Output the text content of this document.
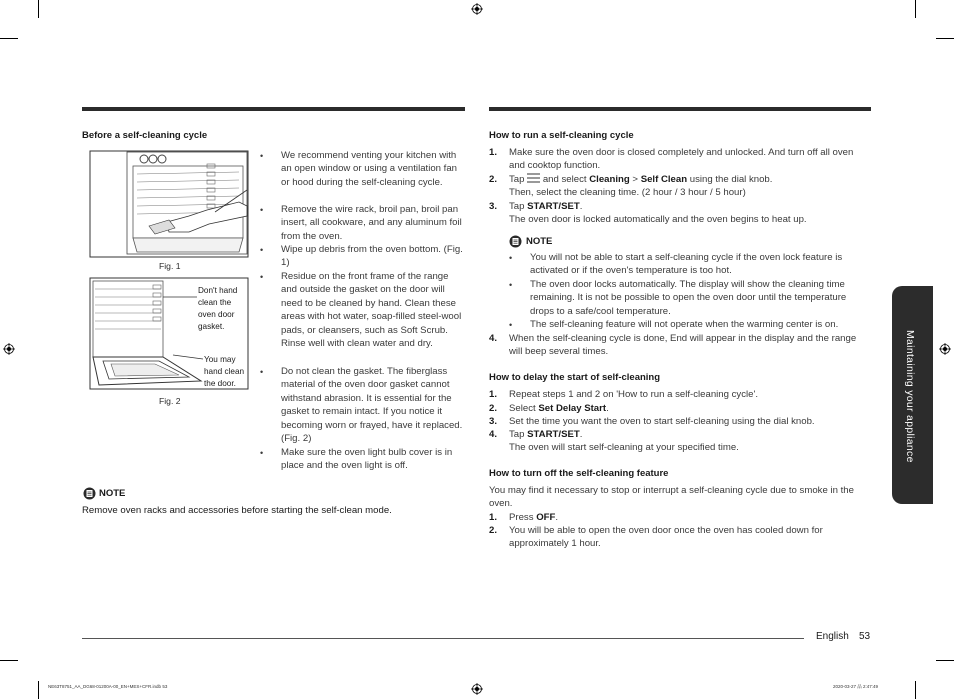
Before a self-cleaning cycle
Fig. 1
Don't hand clean the oven door gasket.
You may hand clean the door.
Fig. 2
• We recommend venting your kitchen with an open window or using a ventilation fan or hood during the self-cleaning cycle.
• Remove the wire rack, broil pan, broil pan insert, all cookware, and any aluminum foil from the oven.
• Wipe up debris from the oven bottom. (Fig. 1)
• Residue on the front frame of the range and outside the gasket on the door will need to be cleaned by hand. Clean these areas with hot water, soap-filled steel-wool pads, or cleansers, such as Soft Scrub. Rinse well with clean water and dry.
• Do not clean the gasket. The fiberglass material of the oven door gasket cannot withstand abrasion. It is essential for the gasket to remain intact. If you notice it becoming worn or frayed, have it replaced. (Fig. 2)
• Make sure the oven light bulb cover is in place and the oven light is off.
NOTE
Remove oven racks and accessories before starting the self-clean mode.
How to run a self-cleaning cycle
1. Make sure the oven door is closed completely and unlocked. And turn off all oven and cooktop function.
2. Tap and select Cleaning > Self Clean using the dial knob.
Then, select the cleaning time. (2 hour / 3 hour / 5 hour)
3. Tap START/SET.
The oven door is locked automatically and the oven begins to heat up.
NOTE
• You will not be able to start a self-cleaning cycle if the oven lock feature is activated or if the oven's temperature is too hot.
• The oven door locks automatically. The display will show the cleaning time remaining. It is not be possible to open the oven door until the temperature drops to a safe/cool temperature.
• The self-cleaning feature will not operate when the warming center is on.
4. When the self-cleaning cycle is done, End will appear in the display and the range will beep several times.
How to delay the start of self-cleaning
1. Repeat steps 1 and 2 on 'How to run a self-cleaning cycle'.
2. Select Set Delay Start.
3. Set the time you want the oven to start self-cleaning using the dial knob.
4. Tap START/SET.
The oven will start self-cleaning at your specified time.
How to turn off the self-cleaning feature
You may find it necessary to stop or interrupt a self-cleaning cycle due to smoke in the oven.
1. Press OFF.
2. You will be able to open the oven door once the oven has cooled down for approximately 1 hour.
Maintaining your appliance
English 53
NE63T8751_AA_DG68-01200A-00_EN+MES+CFR.indb 53	2020-03-27 品 2:47:49
